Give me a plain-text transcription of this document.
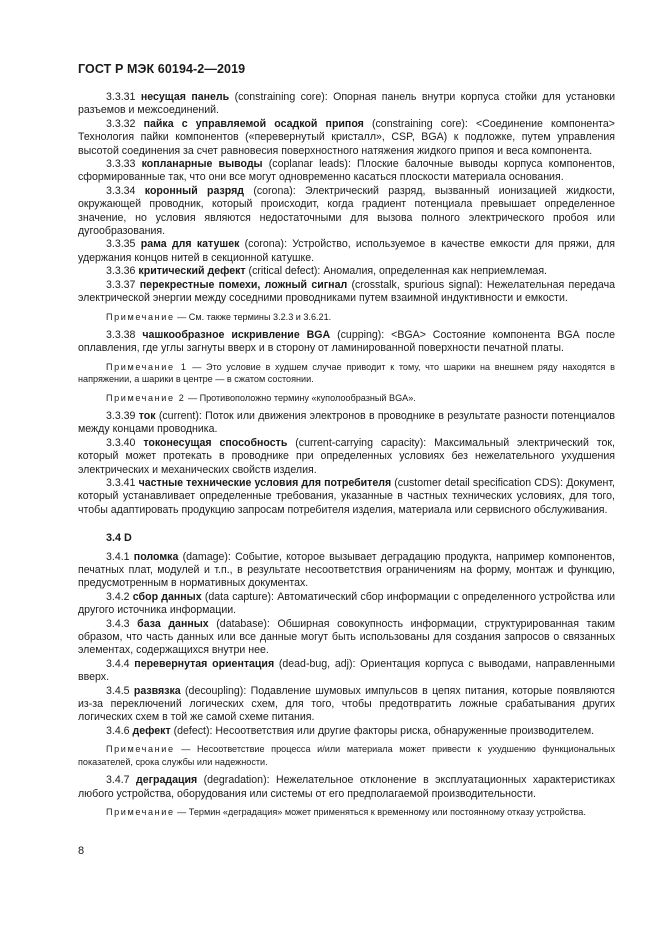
ГОСТ Р МЭК 60194-2—2019

3.3.31 несущая панель (constraining core): Опорная панель внутри корпуса стойки для установки разъемов и межсоединений.

3.3.32 пайка с управляемой осадкой припоя (constraining core): <Соединение компонента> Технология пайки компонентов («перевернутый кристалл», CSP, BGA) к подложке, путем управления высотой соединения за счет равновесия поверхностного натяжения жидкого припоя и веса компонента.

3.3.33 копланарные выводы (coplanar leads): Плоские балочные выводы корпуса компонентов, сформированные так, что они все могут одновременно касаться плоскости материала основания.

3.3.34 коронный разряд (corona): Электрический разряд, вызванный ионизацией жидкости, окружающей проводник, который происходит, когда градиент потенциала превышает определенное значение, но условия являются недостаточными для вызова полного электрического пробоя или дугообразования.

3.3.35 рама для катушек (corona): Устройство, используемое в качестве емкости для пряжи, для удержания концов нитей в секционной катушке.

3.3.36 критический дефект (critical defect): Аномалия, определенная как неприемлемая.

3.3.37 перекрестные помехи, ложный сигнал (crosstalk, spurious signal): Нежелательная передача электрической энергии между соседними проводниками путем взаимной индуктивности и емкости.

Примечание — См. также термины 3.2.3 и 3.6.21.

3.3.38 чашкообразное искривление BGA (cupping): <BGA> Состояние компонента BGA после оплавления, где углы загнуты вверх и в сторону от ламинированной поверхности печатной платы.

Примечание 1 — Это условие в худшем случае приводит к тому, что шарики на внешнем ряду находятся в напряжении, а шарики в центре — в сжатом состоянии.

Примечание 2 — Противоположно термину «куполообразный BGA».

3.3.39 ток (current): Поток или движения электронов в проводнике в результате разности потенциалов между концами проводника.

3.3.40 токонесущая способность (current-carrying capacity): Максимальный электрический ток, который может протекать в проводнике при определенных условиях без нежелательного ухудшения электрических и механических свойств изделия.

3.3.41 частные технические условия для потребителя (customer detail specification CDS): Документ, который устанавливает определенные требования, указанные в частных технических условиях, для того, чтобы адаптировать продукцию запросам потребителя изделия, материала или сервисного обслуживания.

3.4 D

3.4.1 поломка (damage): Событие, которое вызывает деградацию продукта, например компонентов, печатных плат, модулей и т.п., в результате несоответствия ограничениям на форму, монтаж и функцию, предусмотренным в нормативных документах.

3.4.2 сбор данных (data capture): Автоматический сбор информации с определенного устройства или другого источника информации.

3.4.3 база данных (database): Обширная совокупность информации, структурированная таким образом, что часть данных или все данные могут быть использованы для создания запросов о связанных элементах, содержащихся внутри нее.

3.4.4 перевернутая ориентация (dead-bug, adj): Ориентация корпуса с выводами, направленными вверх.

3.4.5 развязка (decoupling): Подавление шумовых импульсов в цепях питания, которые появляются из-за переключений логических схем, для того, чтобы предотвратить ложные срабатывания других логических схем в той же самой схеме питания.

3.4.6 дефект (defect): Несоответствия или другие факторы риска, обнаруженные производителем.

Примечание — Несоответствие процесса и/или материала может привести к ухудшению функциональных показателей, срока службы или надежности.

3.4.7 деградация (degradation): Нежелательное отклонение в эксплуатационных характеристиках любого устройства, оборудования или системы от его предполагаемой производительности.

Примечание — Термин «деградация» может применяться к временному или постоянному отказу устройства.

8
